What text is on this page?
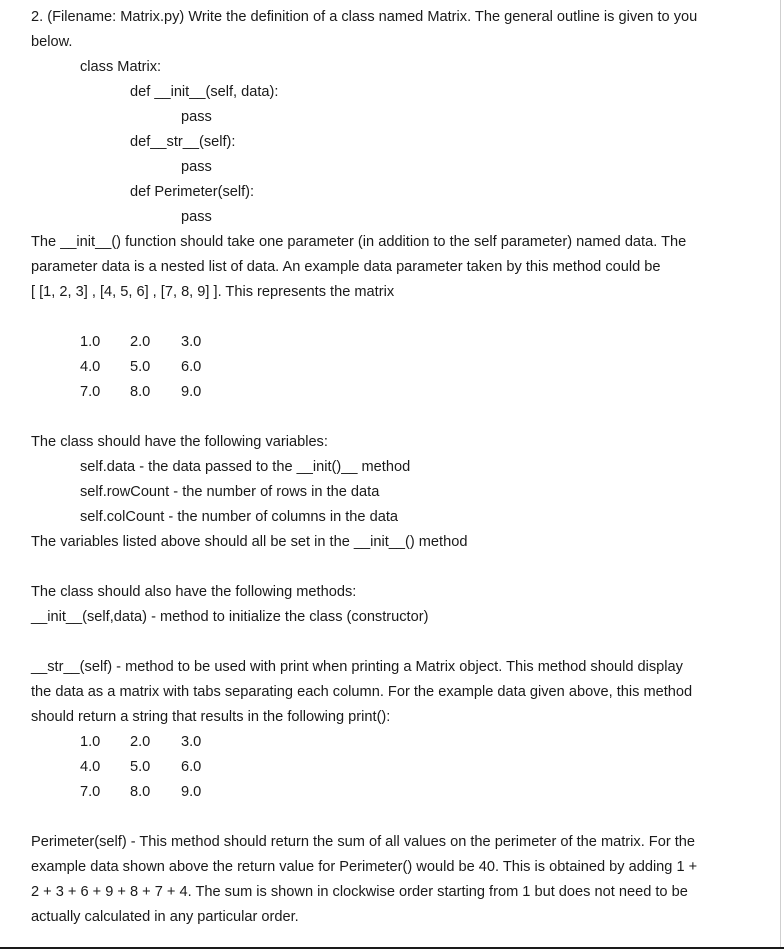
2. (Filename: Matrix.py) Write the definition of a class named Matrix. The general outline is given to you
below.
class Matrix:
def __init__(self, data):
pass
def__str__(self):
pass
def Perimeter(self):
pass
The __init__() function should take one parameter (in addition to the self parameter) named data. The
parameter data is a nested list of data. An example data parameter taken by this method could be
[ [1, 2, 3] , [4, 5, 6] , [7, 8, 9] ]. This represents the matrix
1.0 2.0 3.0
4.0 5.0 6.0
7.0 8.0 9.0
The class should have the following variables:
self.data - the data passed to the __init()__ method
self.rowCount - the number of rows in the data
self.colCount - the number of columns in the data
The variables listed above should all be set in the __init__() method
The class should also have the following methods:
__init__(self,data) - method to initialize the class (constructor)
__str__(self) - method to be used with print when printing a Matrix object. This method should display
the data as a matrix with tabs separating each column. For the example data given above, this method
should return a string that results in the following print():
1.0 2.0 3.0
4.0 5.0 6.0
7.0 8.0 9.0
Perimeter(self) - This method should return the sum of all values on the perimeter of the matrix. For the
example data shown above the return value for Perimeter() would be 40. This is obtained by adding 1 +
2 + 3 + 6 + 9 + 8 + 7 + 4. The sum is shown in clockwise order starting from 1 but does not need to be
actually calculated in any particular order.
